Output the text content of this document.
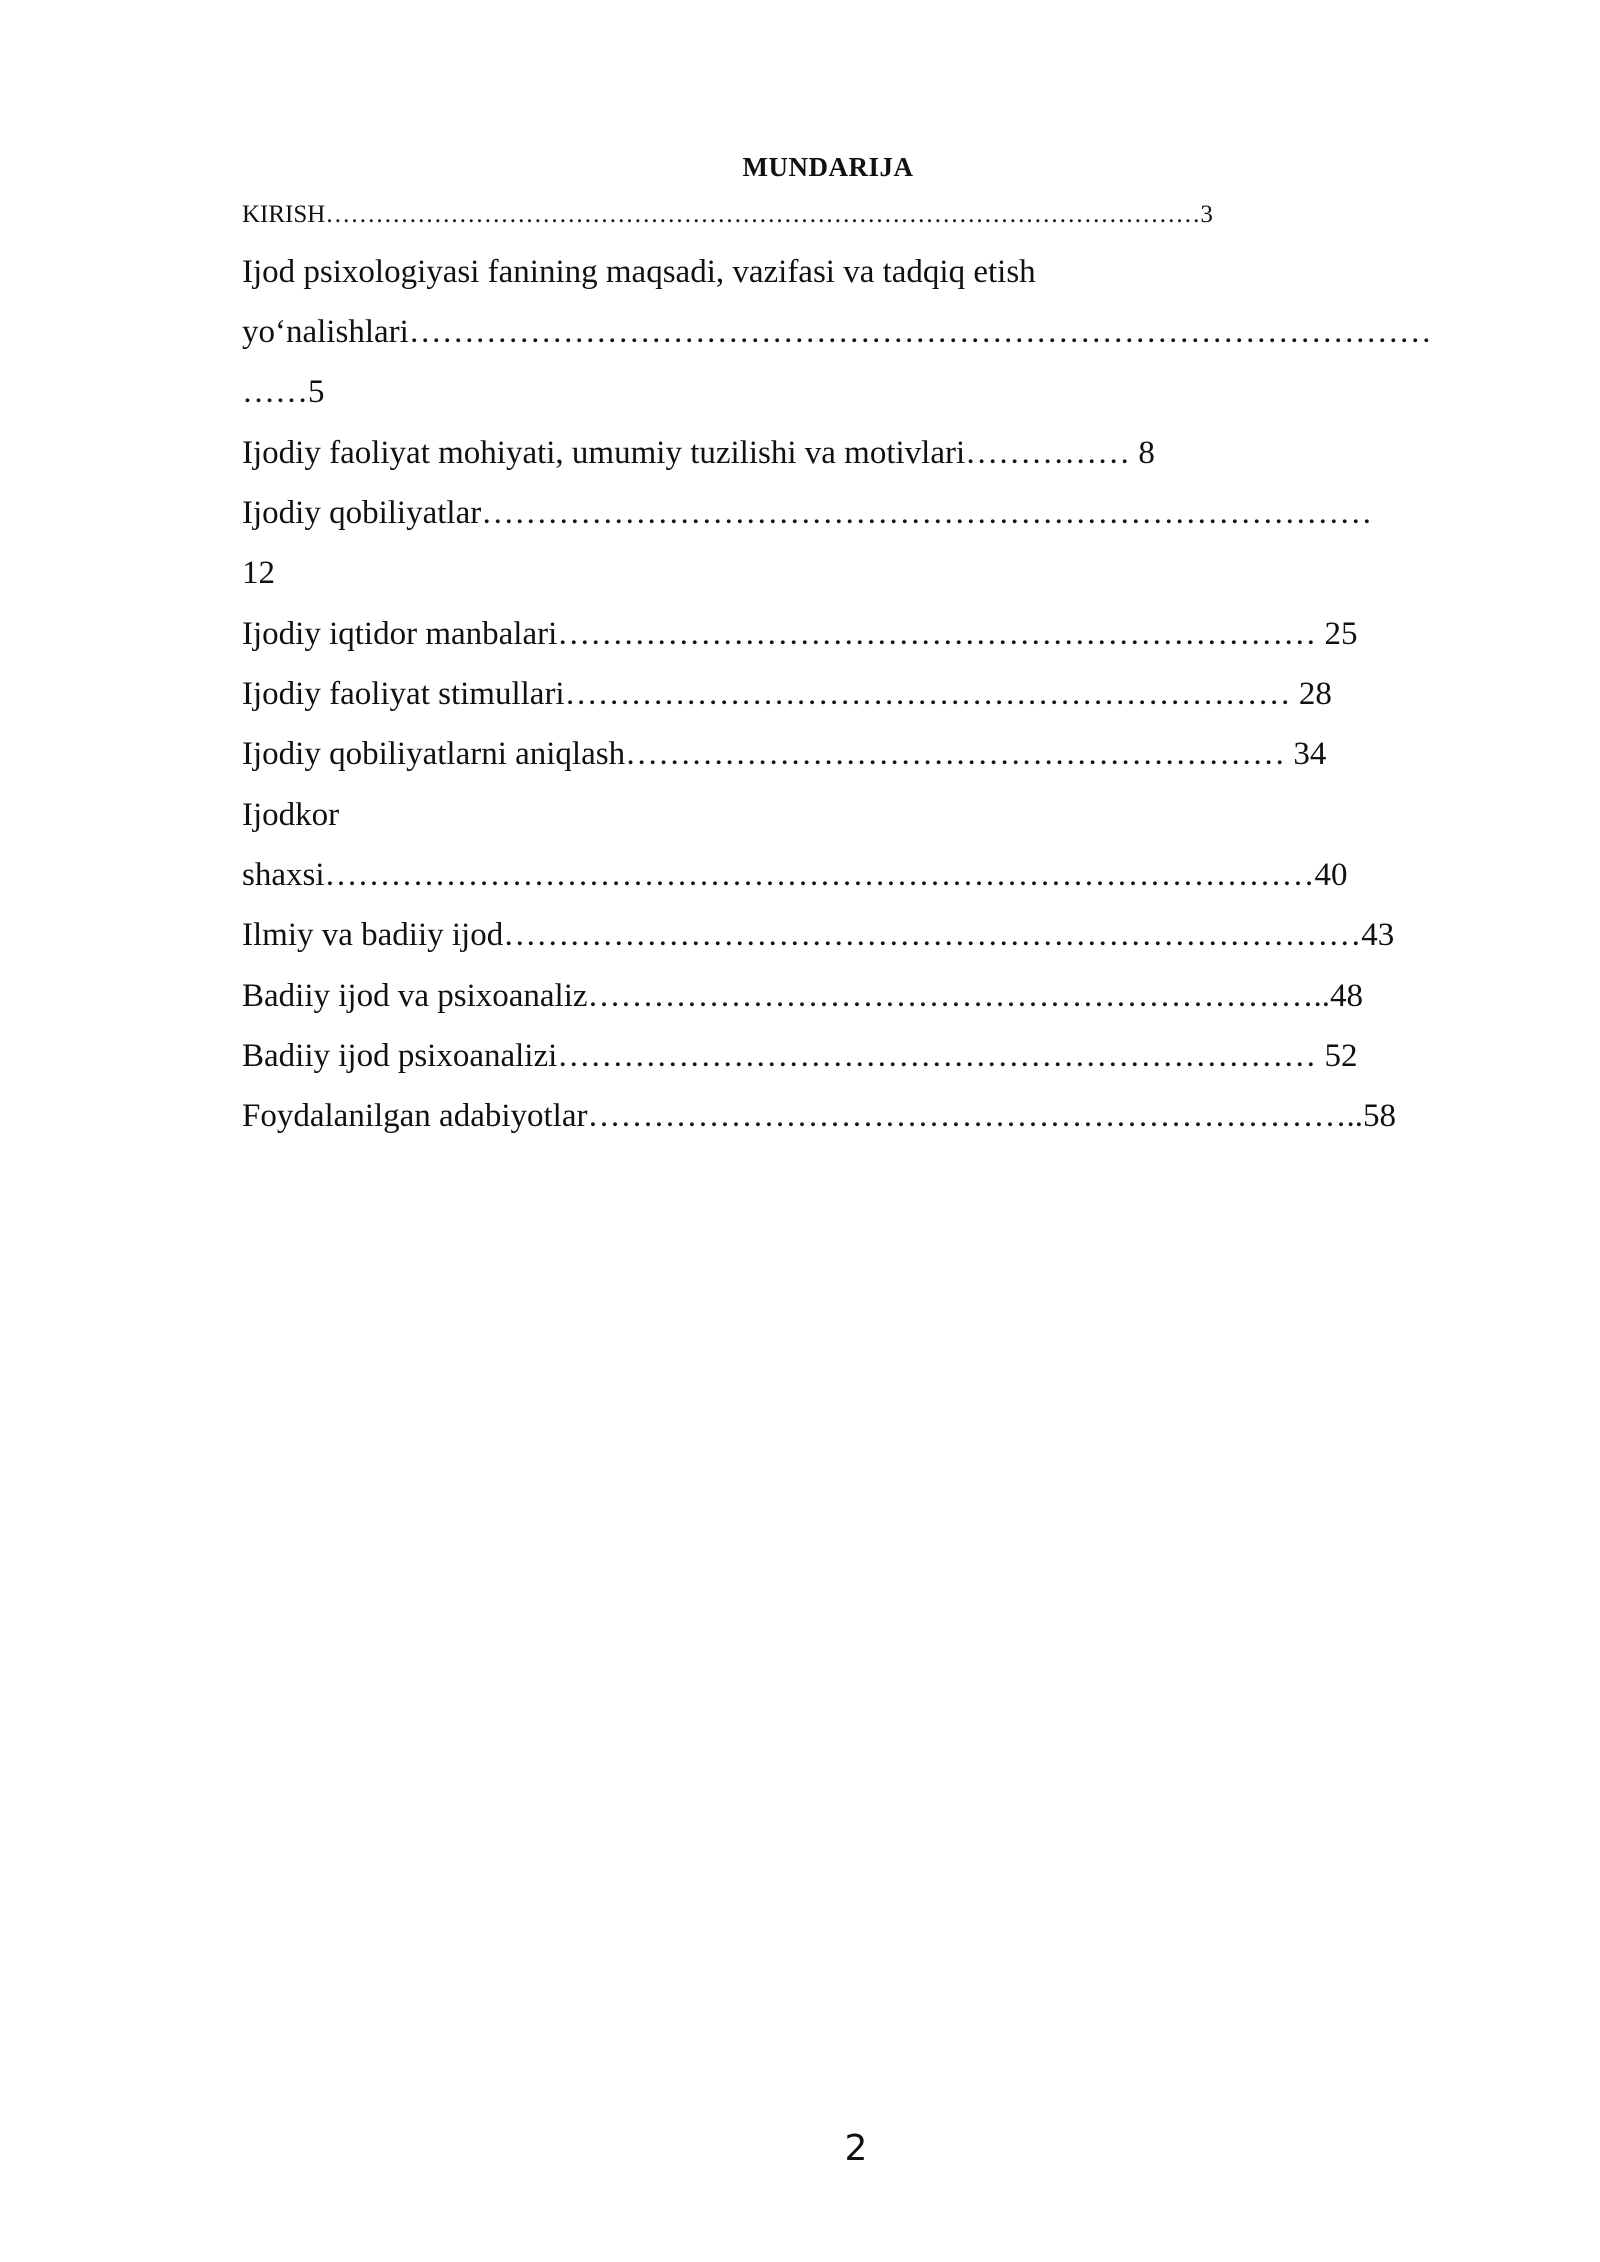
MUNDARIJA
KIRISH……………………………………………………………………………………………3
Ijod psixologiyasi fanining maqsadi, vazifasi va tadqiq etish
yo‘nalishlari…………………………………………………………………………………
……5
Ijodiy faoliyat mohiyati, umumiy tuzilishi va motivlari…………… 8
Ijodiy qobiliyatlar………………………………………………………………………
12
Ijodiy iqtidor manbalari…………………………………………………………… 25
Ijodiy faoliyat stimullari………………………………………………………… 28
Ijodiy qobiliyatlarni aniqlash…………………………………………………… 34
Ijodkor
shaxsi………………………………………………………………………………40
Ilmiy va badiiy ijod……………………………………………………………………43
Badiiy ijod va psixoanaliz…………………………………………………………..48
Badiiy ijod psixoanalizi…………………………………………………………… 52
Foydalanilgan adabiyotlar……………………………………………………………..58
2
